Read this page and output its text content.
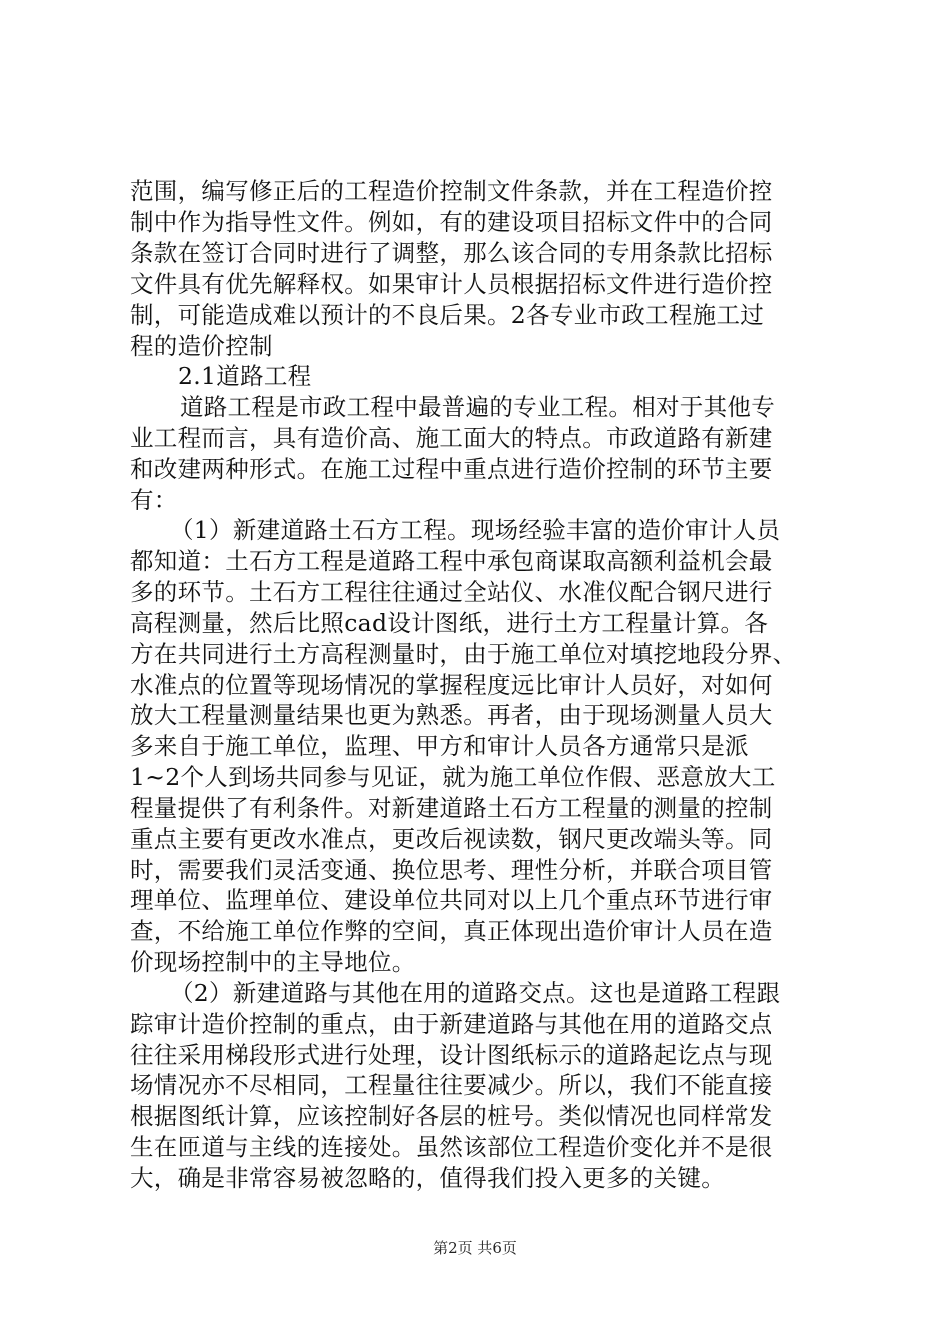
范围，编写修正后的工程造价控制文件条款，并在工程造价控
制中作为指导性文件。例如，有的建设项目招标文件中的合同
条款在签订合同时进行了调整，那么该合同的专用条款比招标
文件具有优先解释权。如果审计人员根据招标文件进行造价控
制，可能造成难以预计的不良后果。2各专业市政工程施工过
程的造价控制
2.1道路工程
道路工程是市政工程中最普遍的专业工程。相对于其他专
业工程而言，具有造价高、施工面大的特点。市政道路有新建
和改建两种形式。在施工过程中重点进行造价控制的环节主要
有：
（1）新建道路土石方工程。现场经验丰富的造价审计人员
都知道：土石方工程是道路工程中承包商谋取高额利益机会最
多的环节。土石方工程往往通过全站仪、水准仪配合钢尺进行
高程测量，然后比照cad设计图纸，进行土方工程量计算。各
方在共同进行土方高程测量时，由于施工单位对填挖地段分界、
水准点的位置等现场情况的掌握程度远比审计人员好，对如何
放大工程量测量结果也更为熟悉。再者，由于现场测量人员大
多来自于施工单位，监理、甲方和审计人员各方通常只是派
1~2个人到场共同参与见证，就为施工单位作假、恶意放大工
程量提供了有利条件。对新建道路土石方工程量的测量的控制
重点主要有更改水准点，更改后视读数，钢尺更改端头等。同
时，需要我们灵活变通、换位思考、理性分析，并联合项目管
理单位、监理单位、建设单位共同对以上几个重点环节进行审
查，不给施工单位作弊的空间，真正体现出造价审计人员在造
价现场控制中的主导地位。
（2）新建道路与其他在用的道路交点。这也是道路工程跟
踪审计造价控制的重点，由于新建道路与其他在用的道路交点
往往采用梯段形式进行处理，设计图纸标示的道路起讫点与现
场情况亦不尽相同，工程量往往要减少。所以，我们不能直接
根据图纸计算，应该控制好各层的桩号。类似情况也同样常发
生在匝道与主线的连接处。虽然该部位工程造价变化并不是很
大，确是非常容易被忽略的，值得我们投入更多的关键。
第2页 共6页
